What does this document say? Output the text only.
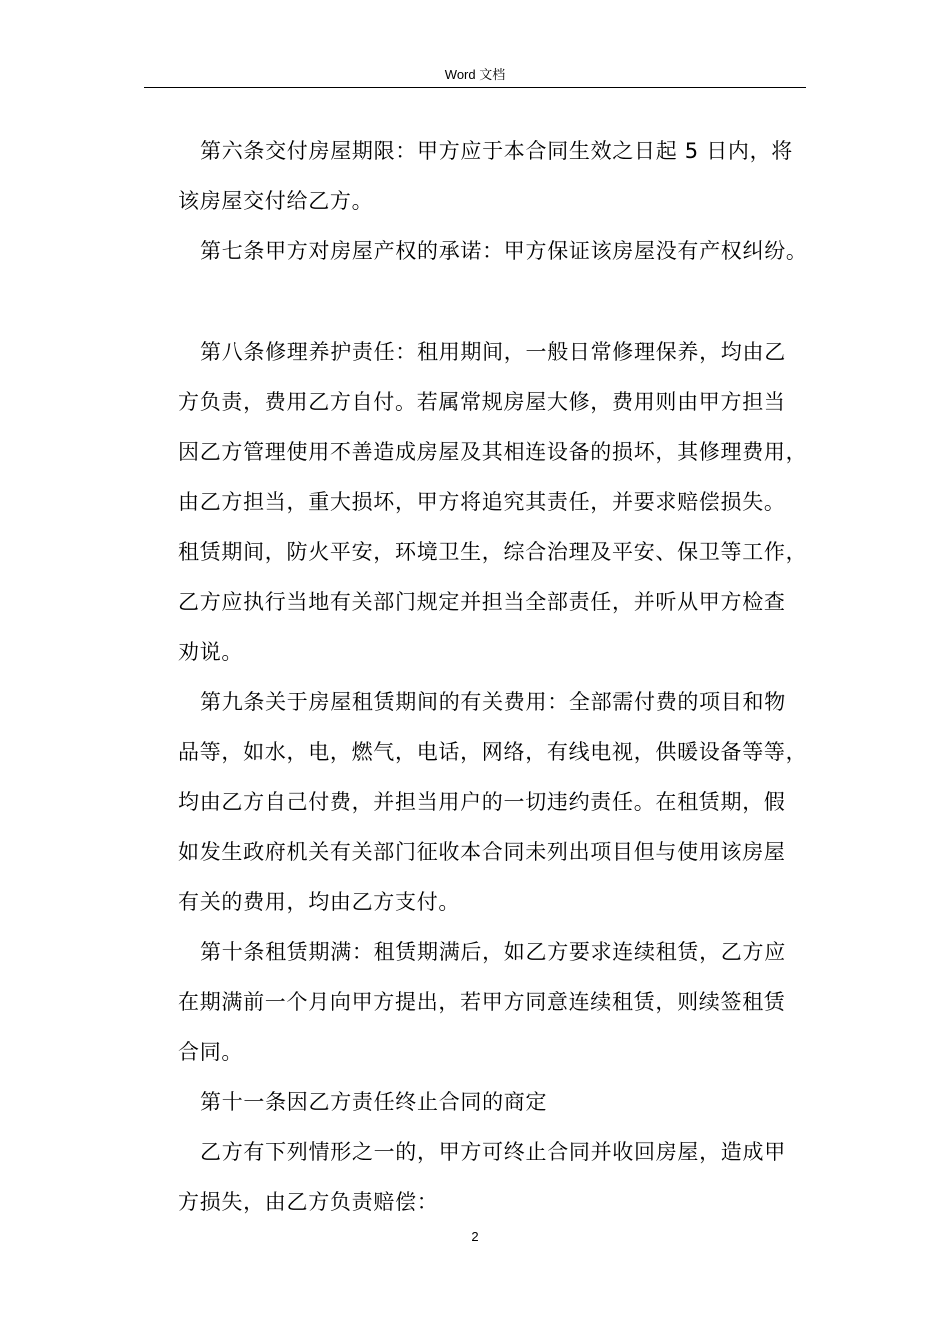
Word 文档

第六条交付房屋期限：甲方应于本合同生效之日起 5 日内，将
该房屋交付给乙方。

第七条甲方对房屋产权的承诺：甲方保证该房屋没有产权纠纷。

第八条修理养护责任：租用期间，一般日常修理保养，均由乙
方负责，费用乙方自付。若属常规房屋大修，费用则由甲方担当
因乙方管理使用不善造成房屋及其相连设备的损坏，其修理费用，
由乙方担当，重大损坏，甲方将追究其责任，并要求赔偿损失。
租赁期间，防火平安，环境卫生，综合治理及平安、保卫等工作，
乙方应执行当地有关部门规定并担当全部责任，并听从甲方检查
劝说。

第九条关于房屋租赁期间的有关费用：全部需付费的项目和物
品等，如水，电，燃气，电话，网络，有线电视，供暖设备等等，
均由乙方自己付费，并担当用户的一切违约责任。在租赁期，假
如发生政府机关有关部门征收本合同未列出项目但与使用该房屋
有关的费用，均由乙方支付。

第十条租赁期满：租赁期满后，如乙方要求连续租赁，乙方应
在期满前一个月向甲方提出，若甲方同意连续租赁，则续签租赁
合同。

第十一条因乙方责任终止合同的商定

乙方有下列情形之一的，甲方可终止合同并收回房屋，造成甲
方损失，由乙方负责赔偿：

2
